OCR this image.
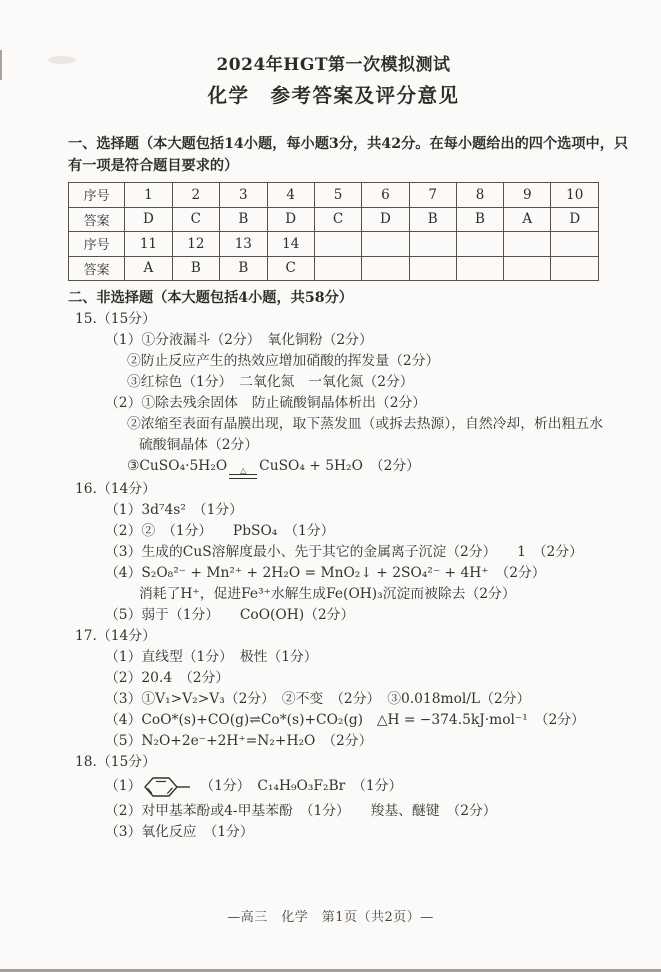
2024年HGT第一次模拟测试

化学　参考答案及评分意见

一、选择题（本大题包括14小题，每小题3分，共42分。在每小题给出的四个选项中，只

有一项是符合题目要求的）

序号	1	2	3	4	5	6	7	8	9	10
答案	D	C	B	D	C	D	B	B	A	D
序号	11	12	13	14						
答案	A	B	B	C						

二、非选择题（本大题包括4小题，共58分）

15.（15分）

（1）①分液漏斗（2分）　氧化铜粉（2分）

②防止反应产生的热效应增加硝酸的挥发量（2分）

③红棕色（1分）　二氧化氮　一氧化氮（2分）

（2）①除去残余固体　防止硫酸铜晶体析出（2分）

②浓缩至表面有晶膜出现，取下蒸发皿（或拆去热源），自然冷却，析出粗五水

硫酸铜晶体（2分）

③CuSO₄·5H₂O △ CuSO₄ + 5H₂O　（2分）

16.（14分）

（1）3d⁷4s²　（1分）

（2）②　（1分）　　PbSO₄　（1分）

（3）生成的CuS溶解度最小、先于其它的金属离子沉淀（2分）　　1　（2分）

（4）S₂O₈²⁻ + Mn²⁺ + 2H₂O = MnO₂↓ + 2SO₄²⁻ + 4H⁺　（2分）

消耗了H⁺，促进Fe³⁺水解生成Fe(OH)₃沉淀而被除去（2分）

（5）弱于（1分）　　CoO(OH)（2分）

17.（14分）

（1）直线型（1分）　极性（1分）

（2）20.4　（2分）

（3）①V₁>V₂>V₃（2分）　②不变　（2分）　③0.018mol/L（2分）

（4）CoO*(s)+CO(g)⇌Co*(s)+CO₂(g)　△H = −374.5kJ·mol⁻¹　（2分）

（5）N₂O+2e⁻+2H⁺=N₂+H₂O　（2分）

18.（15分）

（1）	　（1分）　C₁₄H₉O₃F₂Br　（1分）

（2）对甲基苯酚或4-甲基苯酚　（1分）　　羧基、醚键　（2分）

（3）氧化反应　（1分）

—高三　化学　第1页（共2页）—
